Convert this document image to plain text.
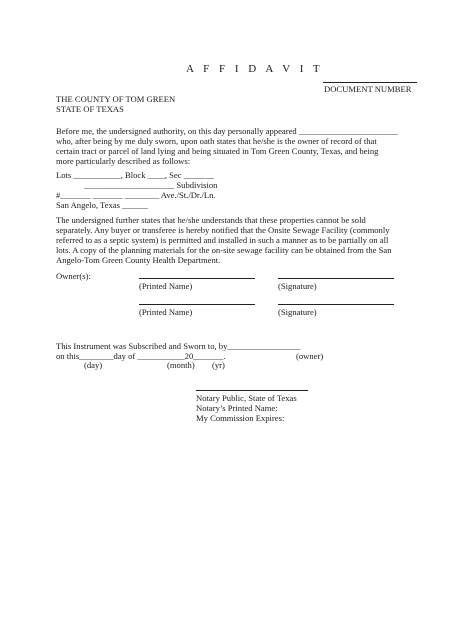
A F F I D A V I T
DOCUMENT NUMBER
THE COUNTY OF TOM GREEN
STATE OF TEXAS
Before me, the undersigned authority, on this day personally appeared _______________________
who, after being by me duly sworn, upon oath states that he/she is the owner of record of that
certain tract or parcel of land lying and being situated in Tom Green County, Texas, and being
more particularly described as follows:
Lots ___________, Block ____, Sec _______
_____________________ Subdivision
#_______ _______ ________ Ave./St./Dr./Ln.
San Angelo, Texas ______
The undersigned further states that he/she understands that these properties cannot be sold
separately. Any buyer or transferee is hereby notified that the Onsite Sewage Facility (commonly
referred to as a septic system) is permitted and installed in such a manner as to be partially on all
lots. A copy of the planning materials for the on-site sewage facility can be obtained from the San
Angelo-Tom Green County Health Department.
Owner(s):
(Printed Name)	(Signature)
(Printed Name)	(Signature)
This Instrument was Subscribed and Sworn to, by_________________
on this________day of ___________20_______.	(owner)
(day)	(month) (yr)
Notary Public, State of Texas
Notary’s Printed Name:
My Commission Expires:
